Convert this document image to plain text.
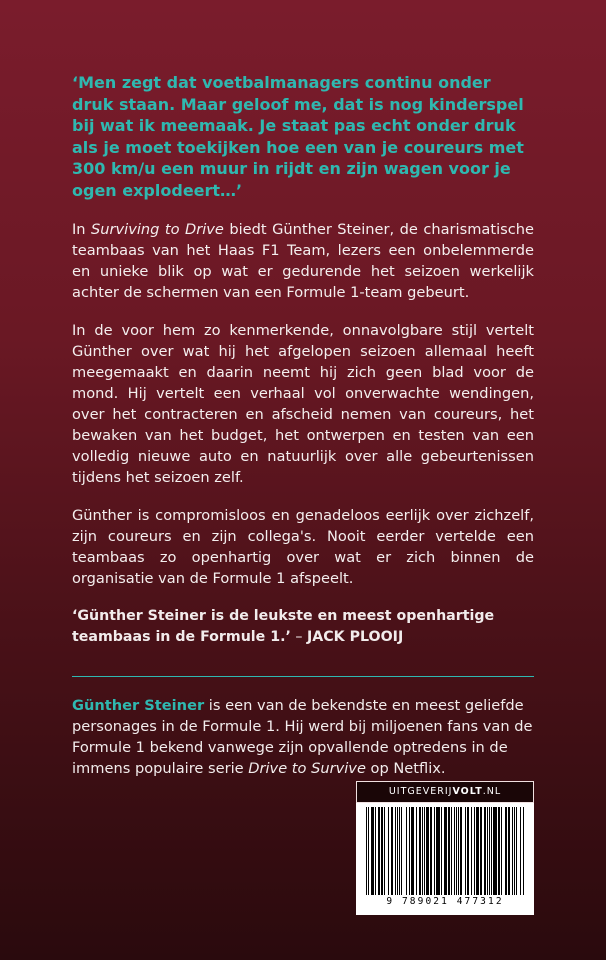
‘Men zegt dat voetbalmanagers continu onder druk staan. Maar geloof me, dat is nog kinderspel bij wat ik meemaak. Je staat pas echt onder druk als je moet toekijken hoe een van je coureurs met 300 km/u een muur in rijdt en zijn wagen voor je ogen explodeert…’

In Surviving to Drive biedt Günther Steiner, de charismatische teambaas van het Haas F1 Team, lezers een onbelemmerde en unieke blik op wat er gedurende het seizoen werkelijk achter de schermen van een Formule 1-team gebeurt.

In de voor hem zo kenmerkende, onnavolgbare stijl vertelt Günther over wat hij het afgelopen seizoen allemaal heeft meegemaakt en daarin neemt hij zich geen blad voor de mond. Hij vertelt een verhaal vol onverwachte wendingen, over het contracteren en afscheid nemen van coureurs, het bewaken van het budget, het ontwerpen en testen van een volledig nieuwe auto en natuurlijk over alle gebeurtenissen tijdens het seizoen zelf.

Günther is compromisloos en genadeloos eerlijk over zichzelf, zijn coureurs en zijn collega's. Nooit eerder vertelde een teambaas zo openhartig over wat er zich binnen de organisatie van de Formule 1 afspeelt.

‘Günther Steiner is de leukste en meest openhartige teambaas in de Formule 1.’ – JACK PLOOIJ

Günther Steiner is een van de bekendste en meest geliefde personages in de Formule 1. Hij werd bij miljoenen fans van de Formule 1 bekend vanwege zijn opvallende optredens in de immens populaire serie Drive to Survive op Netflix.

UITGEVERIJVOLT.NL
9 789021 477312
